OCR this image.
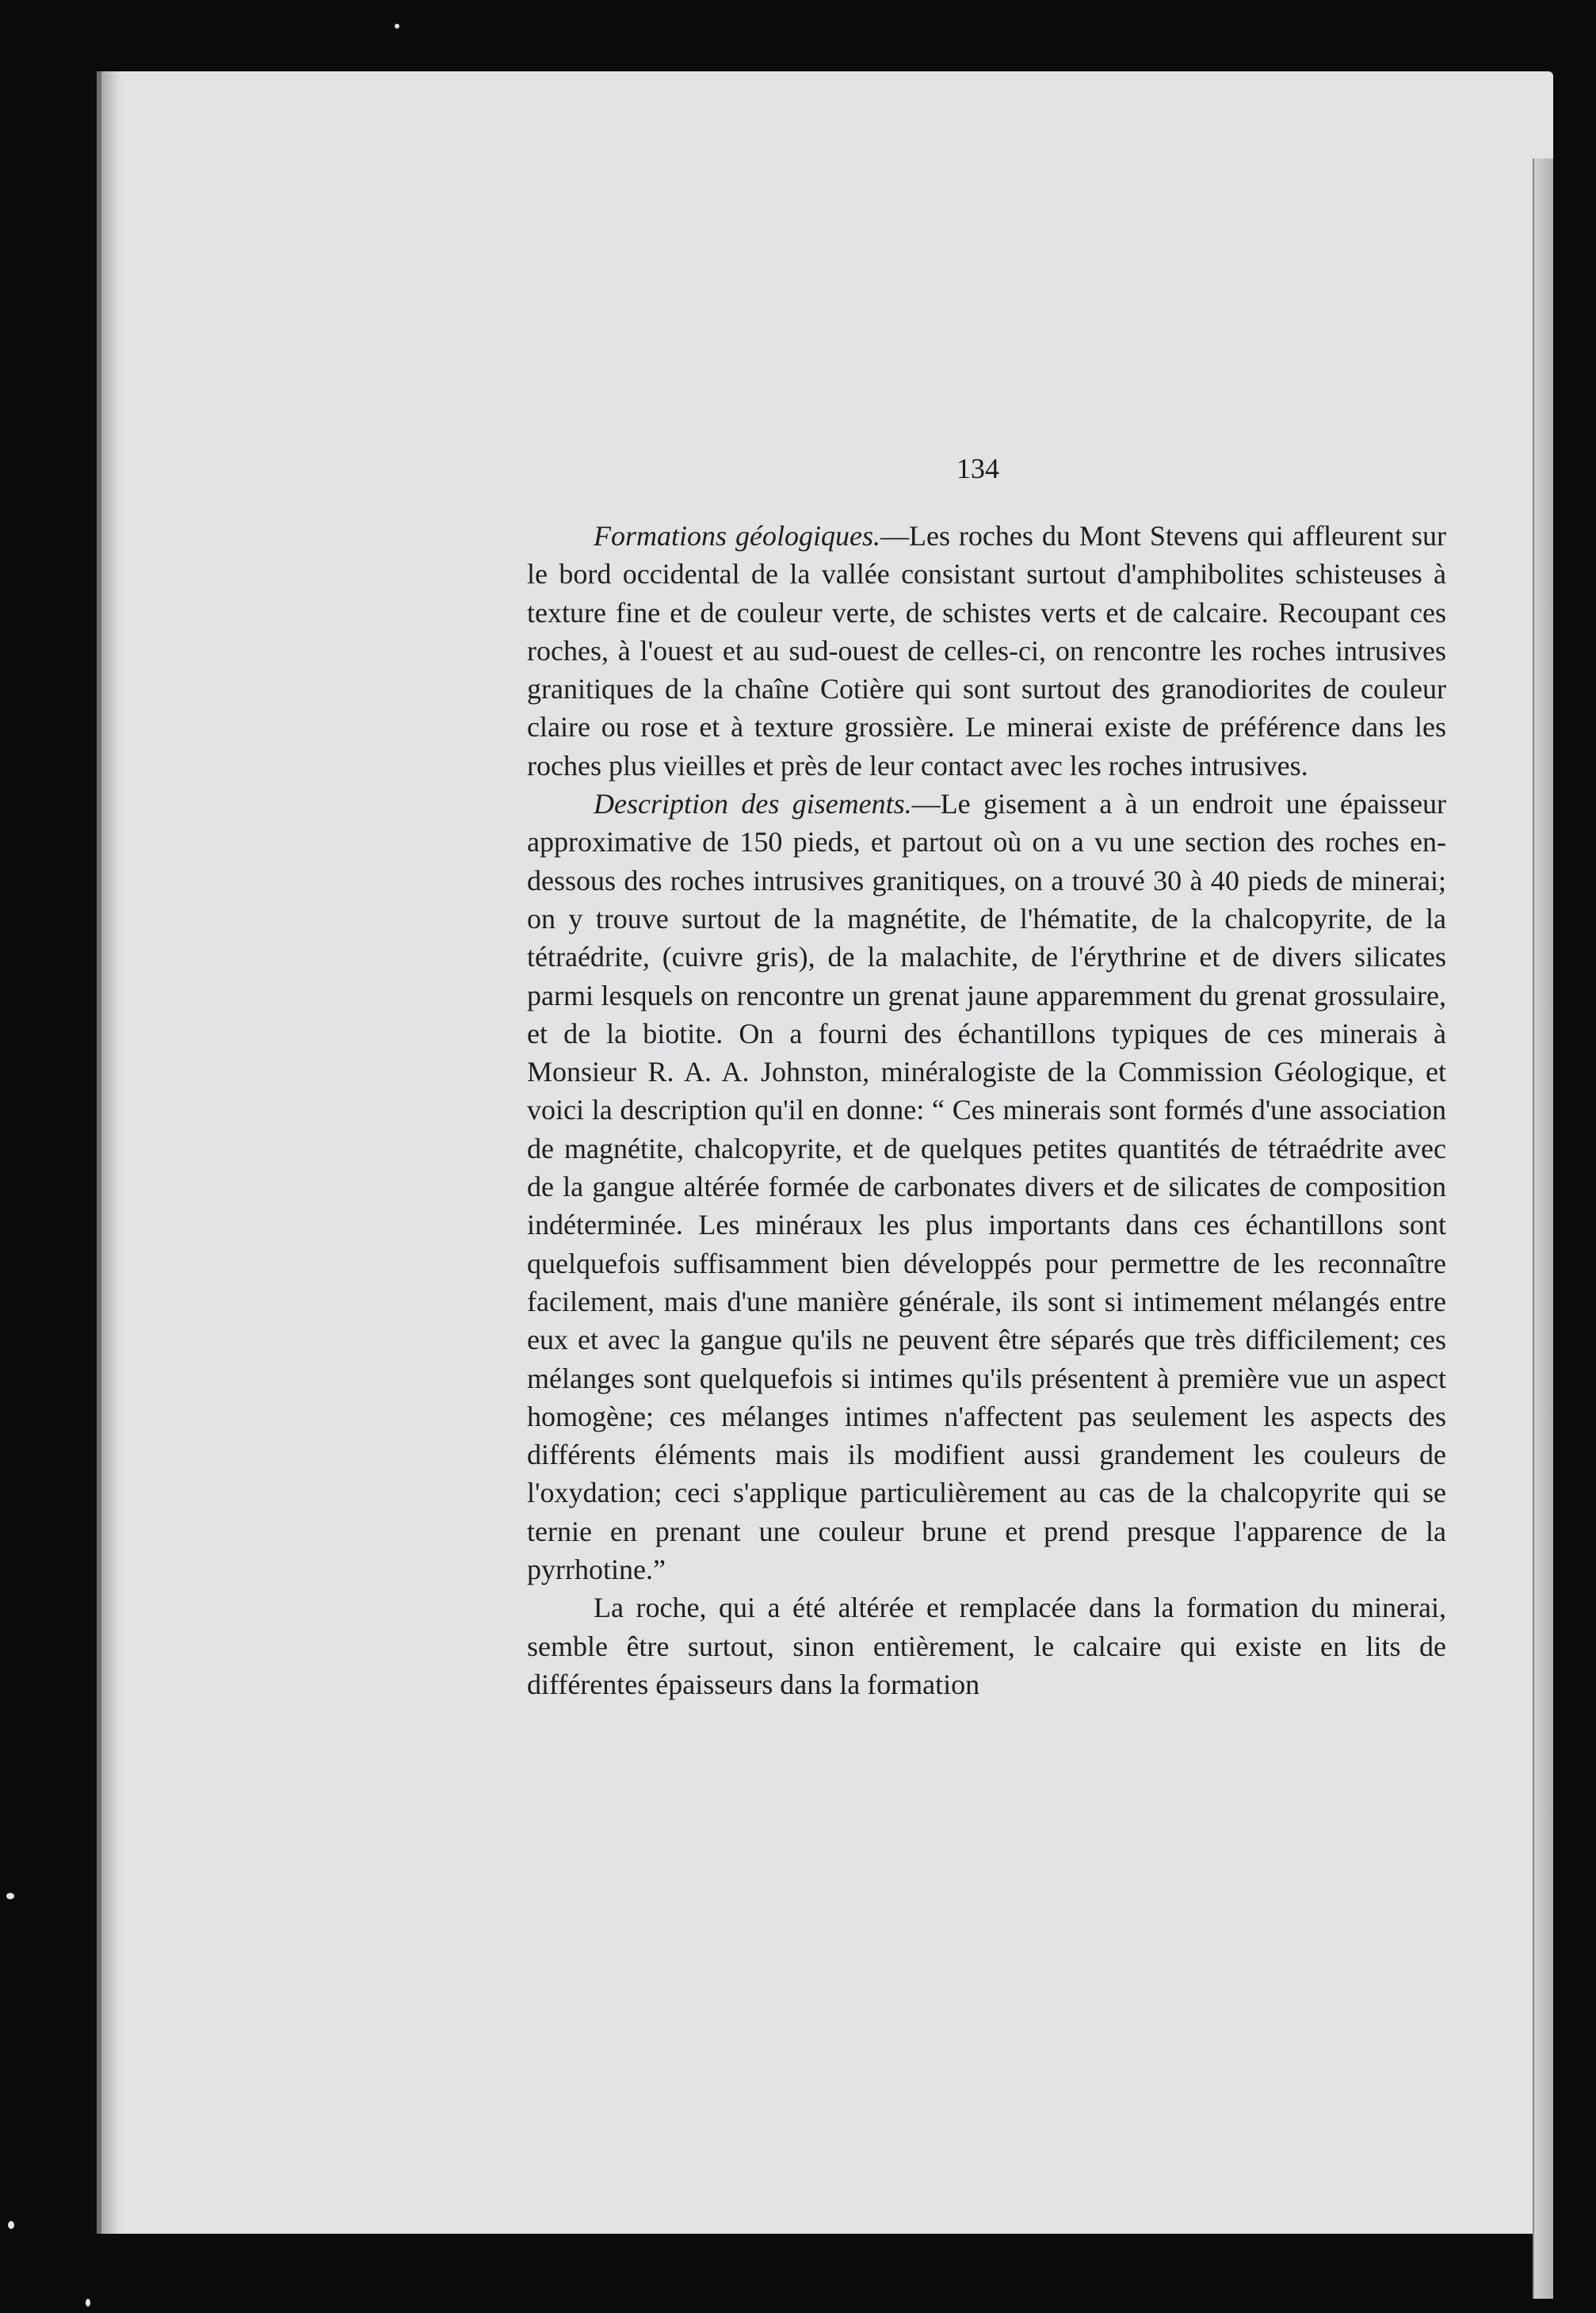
134

Formations géologiques.—Les roches du Mont Stevens qui affleurent sur le bord occidental de la vallée consistant surtout d'amphibolites schisteuses à texture fine et de couleur verte, de schistes verts et de calcaire. Recoupant ces roches, à l'ouest et au sud-ouest de celles-ci, on rencontre les roches intrusives granitiques de la chaîne Cotière qui sont surtout des granodiorites de couleur claire ou rose et à texture grossière. Le minerai existe de préférence dans les roches plus vieilles et près de leur contact avec les roches intrusives.

Description des gisements.—Le gisement a à un endroit une épaisseur approximative de 150 pieds, et partout où on a vu une section des roches en-dessous des roches intrusives granitiques, on a trouvé 30 à 40 pieds de minerai; on y trouve surtout de la magnétite, de l'hématite, de la chalcopyrite, de la tétraédrite, (cuivre gris), de la malachite, de l'érythrine et de divers silicates parmi lesquels on rencontre un grenat jaune apparemment du grenat grossulaire, et de la biotite. On a fourni des échantillons typiques de ces minerais à Monsieur R. A. A. Johnston, minéralogiste de la Commission Géologique, et voici la description qu'il en donne: “ Ces minerais sont formés d'une association de magnétite, chalcopyrite, et de quelques petites quantités de tétraédrite avec de la gangue altérée formée de carbonates divers et de silicates de composition indéterminée. Les minéraux les plus importants dans ces échantillons sont quelquefois suffisamment bien développés pour permettre de les reconnaître facilement, mais d'une manière générale, ils sont si intimement mélangés entre eux et avec la gangue qu'ils ne peuvent être séparés que très difficilement; ces mélanges sont quelquefois si intimes qu'ils présentent à première vue un aspect homogène; ces mélanges intimes n'affectent pas seulement les aspects des différents éléments mais ils modifient aussi grandement les couleurs de l'oxydation; ceci s'applique particulièrement au cas de la chalcopyrite qui se ternie en prenant une couleur brune et prend presque l'apparence de la pyrrhotine.”

La roche, qui a été altérée et remplacée dans la formation du minerai, semble être surtout, sinon entièrement, le calcaire qui existe en lits de différentes épaisseurs dans la formation
